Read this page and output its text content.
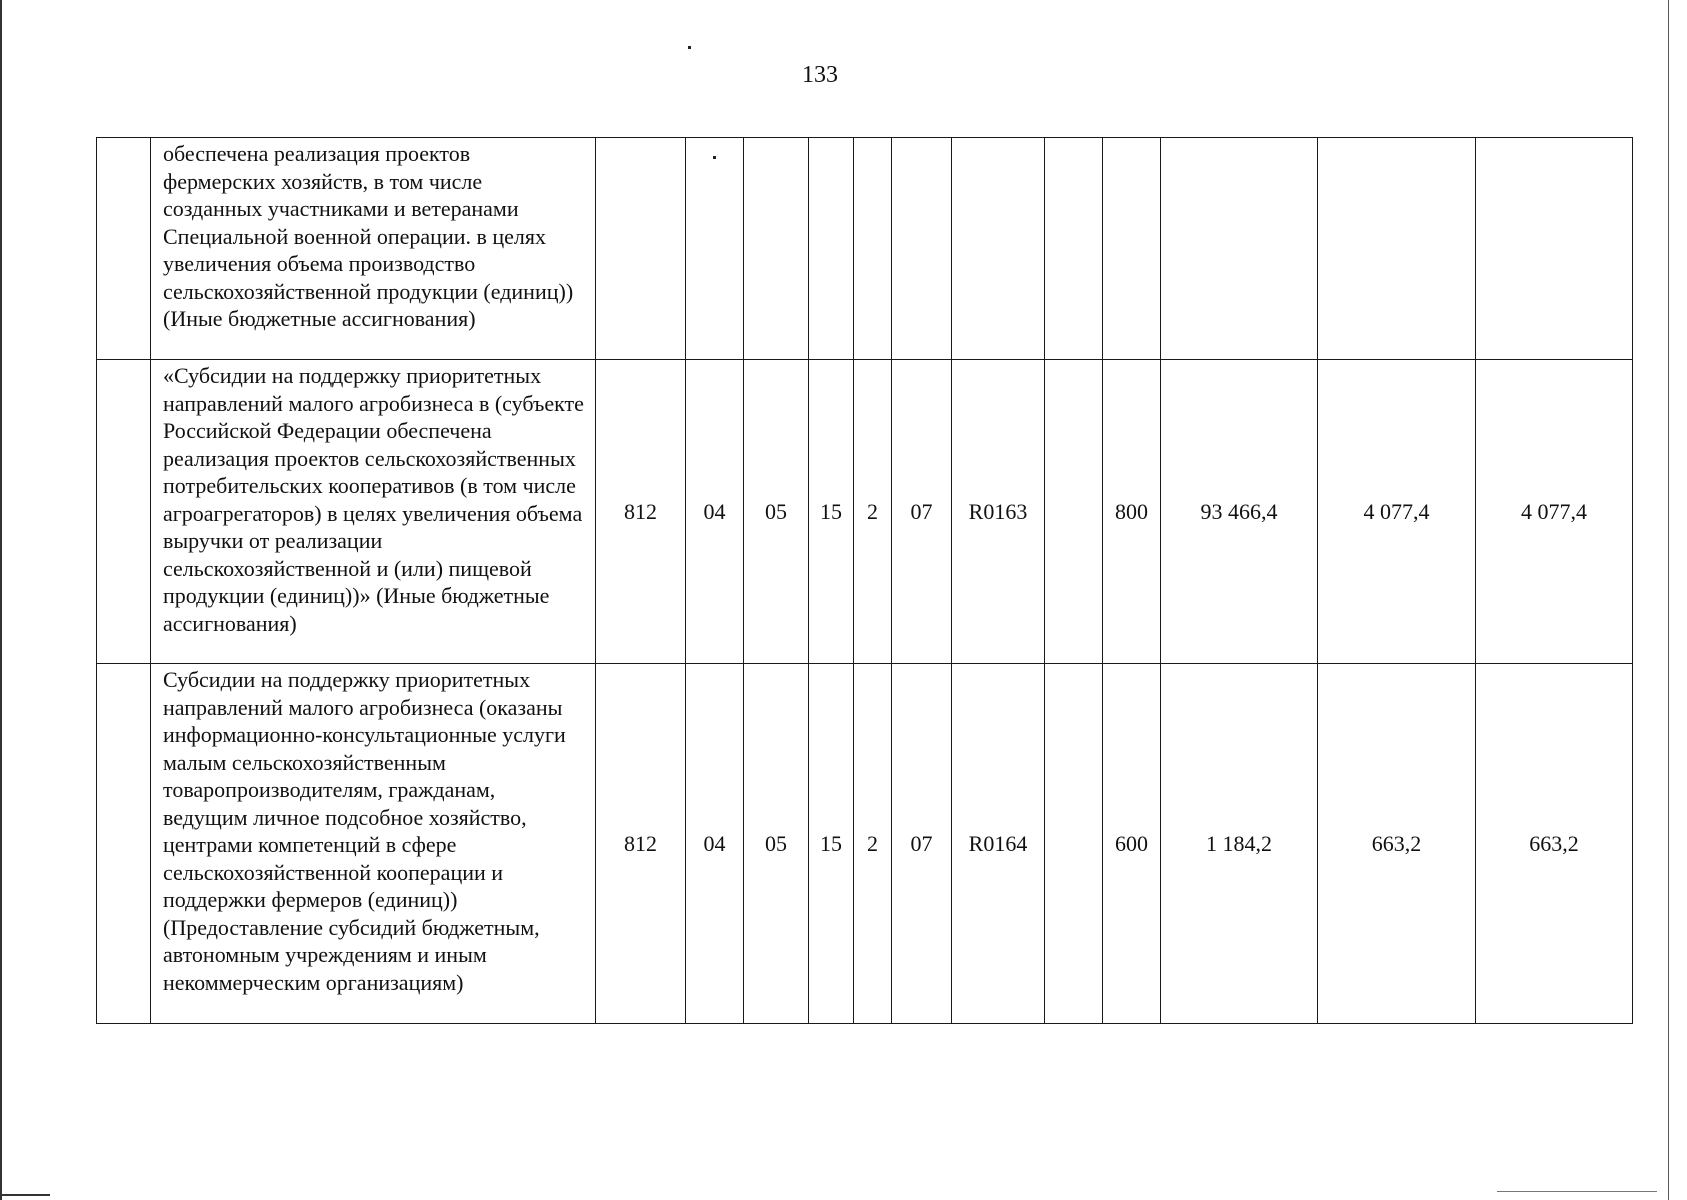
133
	обеспечена реализация проектов фермерских хозяйств, в том числе созданных участниками и ветеранами Специальной военной операции. в целях увеличения объема производство сельскохозяйственной продукции (единиц)) (Иные бюджетные ассигнования)												
	«Субсидии на поддержку приоритетных направлений малого агробизнеса в (субъекте Российской Федерации обеспечена реализация проектов сельскохозяйственных потребительских кооперативов (в том числе агроагрегаторов) в целях увеличения объема выручки от реализации сельскохозяйственной и (или) пищевой продукции (единиц))» (Иные бюджетные ассигнования)	812	04	05	15	2	07	R0163		800	93 466,4	4 077,4	4 077,4
	Субсидии на поддержку приоритетных направлений малого агробизнеса (оказаны информационно-консультационные услуги малым сельскохозяйственным товаропроизводителям, гражданам, ведущим личное подсобное хозяйство, центрами компетенций в сфере сельскохозяйственной кооперации и поддержки фермеров (единиц)) (Предоставление субсидий бюджетным, автономным учреждениям и иным некоммерческим организациям)	812	04	05	15	2	07	R0164		600	1 184,2	663,2	663,2
